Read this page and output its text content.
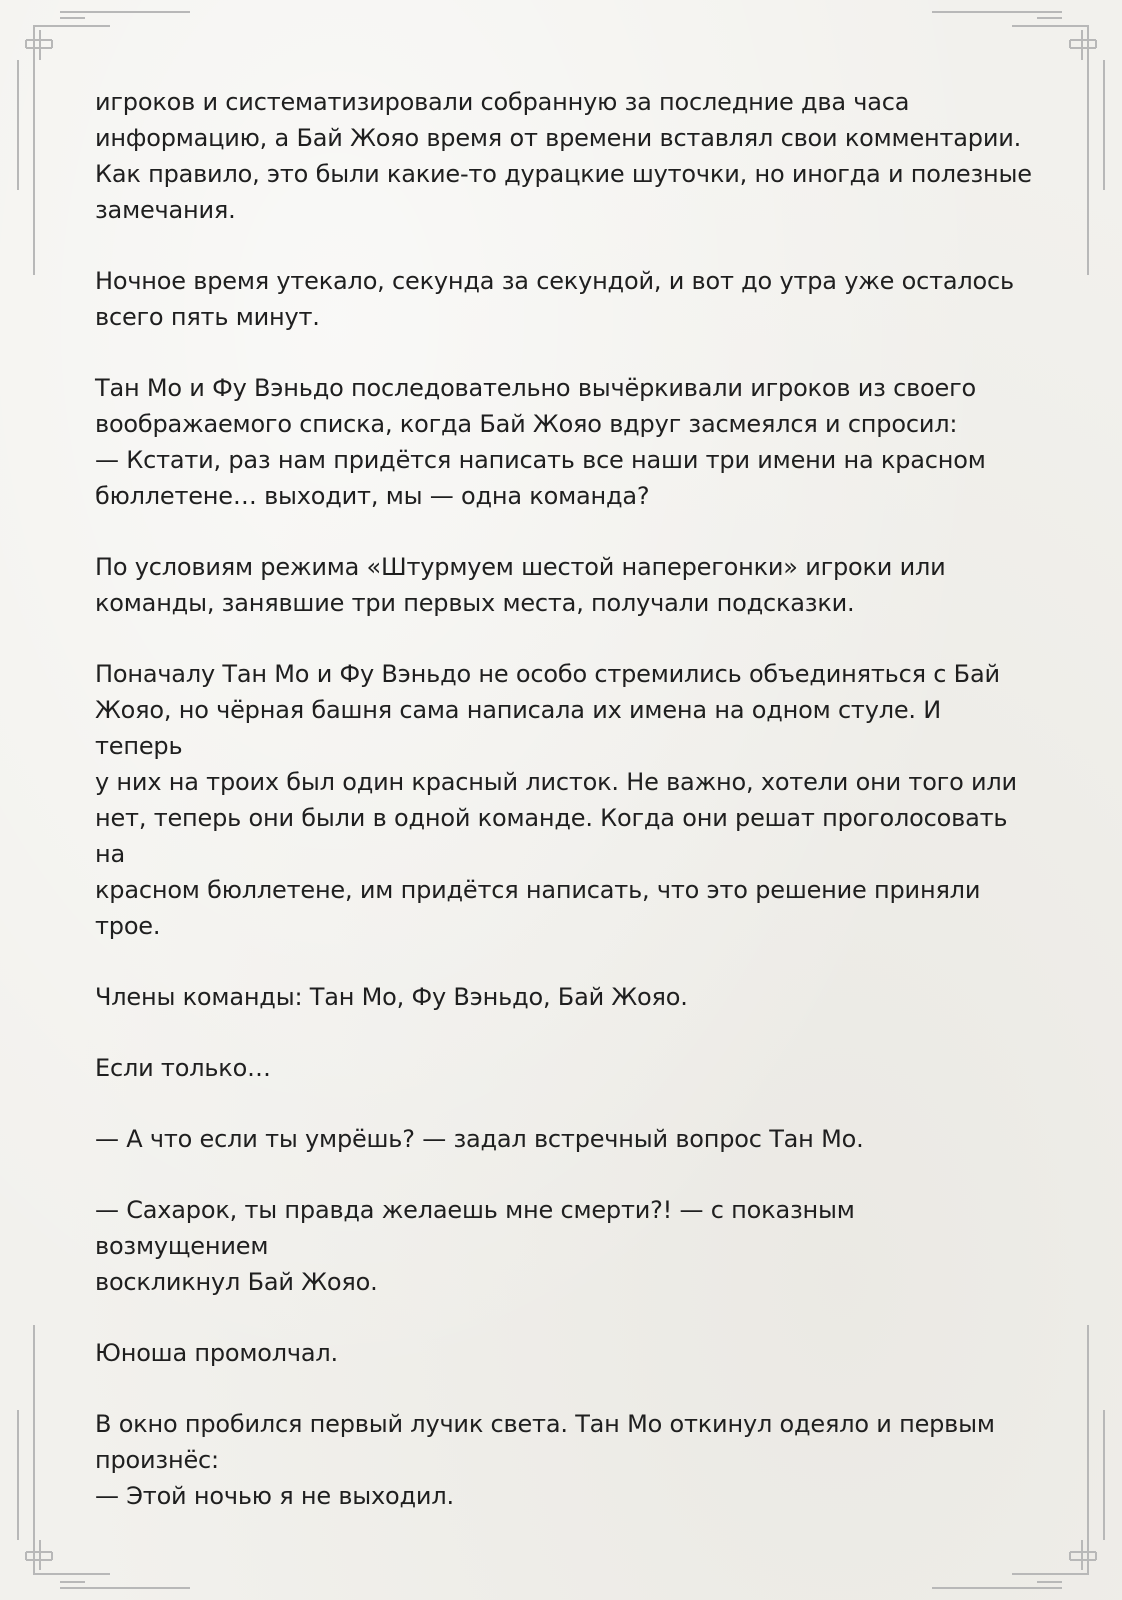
игроков и систематизировали собранную за последние два часа
информацию, а Бай Жояо время от времени вставлял свои комментарии.
Как правило, это были какие-то дурацкие шуточки, но иногда и полезные
замечания.

Ночное время утекало, секунда за секундой, и вот до утра уже осталось
всего пять минут.

Тан Мо и Фу Вэньдо последовательно вычёркивали игроков из своего
воображаемого списка, когда Бай Жояо вдруг засмеялся и спросил:
— Кстати, раз нам придётся написать все наши три имени на красном
бюллетене… выходит, мы — одна команда?

По условиям режима «Штурмуем шестой наперегонки» игроки или
команды, занявшие три первых места, получали подсказки.

Поначалу Тан Мо и Фу Вэньдо не особо стремились объединяться с Бай
Жояо, но чёрная башня сама написала их имена на одном стуле. И теперь
у них на троих был один красный листок. Не важно, хотели они того или
нет, теперь они были в одной команде. Когда они решат проголосовать на
красном бюллетене, им придётся написать, что это решение приняли
трое.

Члены команды: Тан Мо, Фу Вэньдо, Бай Жояо.

Если только…

— А что если ты умрёшь? — задал встречный вопрос Тан Мо.

— Сахарок, ты правда желаешь мне смерти?! — с показным возмущением
воскликнул Бай Жояо.

Юноша промолчал.

В окно пробился первый лучик света. Тан Мо откинул одеяло и первым
произнёс:
— Этой ночью я не выходил.
